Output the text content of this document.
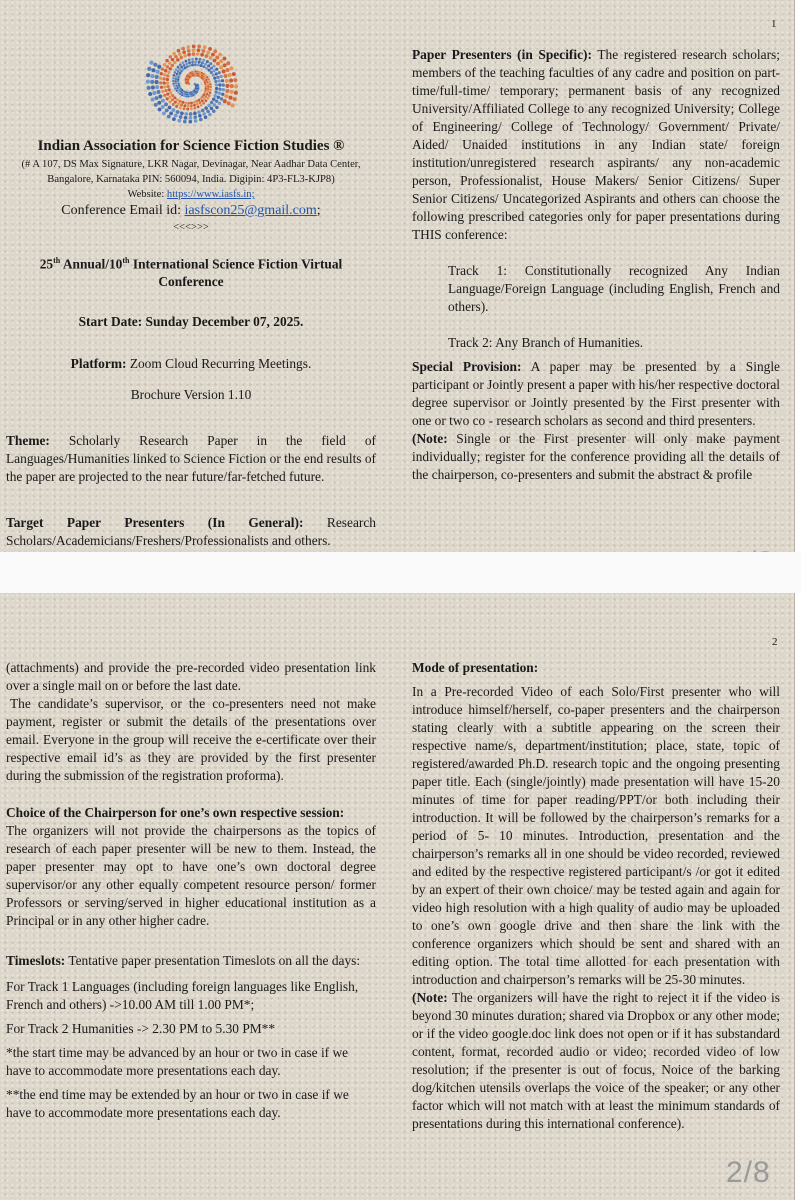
1

Indian Association for Science Fiction Studies ®

(# A 107, DS Max Signature, LKR Nagar, Devinagar, Near Aadhar Data Center, Bangalore, Karnataka PIN: 560094, India. Digipin: 4P3-FL3-KJP8)

Website: https://www.iasfs.in;

Conference Email id: iasfscon25@gmail.com;

<<<>>>

25th Annual/10th International Science Fiction Virtual Conference

Start Date: Sunday December 07, 2025.

Platform: Zoom Cloud Recurring Meetings.

Brochure Version 1.10

Theme: Scholarly Research Paper in the field of Languages/Humanities linked to Science Fiction or the end results of the paper are projected to the near future/far-fetched future.

Target Paper Presenters (In General): Research Scholars/Academicians/Freshers/Professionalists and others.

Paper Presenters (in Specific): The registered research scholars; members of the teaching faculties of any cadre and position on part-time/full-time/ temporary; permanent basis of any recognized University/Affiliated College to any recognized University; College of Engineering/ College of Technology/ Government/ Private/ Aided/ Unaided institutions in any Indian state/ foreign institution/unregistered research aspirants/ any non-academic person, Professionalist, House Makers/ Senior Citizens/ Super Senior Citizens/ Uncategorized Aspirants and others can choose the following prescribed categories only for paper presentations during THIS conference:

Track 1: Constitutionally recognized Any Indian Language/Foreign Language (including English, French and others).

Track 2: Any Branch of Humanities.

Special Provision: A paper may be presented by a Single participant or Jointly present a paper with his/her respective doctoral degree supervisor or Jointly presented by the First presenter with one or two co - research scholars as second and third presenters.

(Note: Single or the First presenter will only make payment individually; register for the conference providing all the details of the chairperson, co-presenters and submit the abstract & profile

2

(attachments) and provide the pre-recorded video presentation link over a single mail on or before the last date.

The candidate’s supervisor, or the co-presenters need not make payment, register or submit the details of the presentations over email. Everyone in the group will receive the e-certificate over their respective email id’s as they are provided by the first presenter during the submission of the registration proforma).

Choice of the Chairperson for one’s own respective session:

The organizers will not provide the chairpersons as the topics of research of each paper presenter will be new to them. Instead, the paper presenter may opt to have one’s own doctoral degree supervisor/or any other equally competent resource person/ former Professors or serving/served in higher educational institution as a Principal or in any other higher cadre.

Timeslots: Tentative paper presentation Timeslots on all the days:

For Track 1 Languages (including foreign languages like English, French and others) ->10.00 AM till 1.00 PM*;

For Track 2 Humanities -> 2.30 PM to 5.30 PM**

*the start time may be advanced by an hour or two in case if we have to accommodate more presentations each day.

**the end time may be extended by an hour or two in case if we have to accommodate more presentations each day.

Mode of presentation:

In a Pre-recorded Video of each Solo/First presenter who will introduce himself/herself, co-paper presenters and the chairperson stating clearly with a subtitle appearing on the screen their respective name/s, department/institution; place, state, topic of registered/awarded Ph.D. research topic and the ongoing presenting paper title. Each (single/jointly) made presentation will have 15-20 minutes of time for paper reading/PPT/or both including their introduction. It will be followed by the chairperson’s remarks for a period of 5- 10 minutes. Introduction, presentation and the chairperson’s remarks all in one should be video recorded, reviewed and edited by the respective registered participant/s /or got it edited by an expert of their own choice/ may be tested again and again for video high resolution with a high quality of audio may be uploaded to one’s own google drive and then share the link with the conference organizers which should be sent and shared with an editing option. The total time allotted for each presentation with introduction and chairperson’s remarks will be 25-30 minutes.

(Note: The organizers will have the right to reject it if the video is beyond 30 minutes duration; shared via Dropbox or any other mode; or if the video google.doc link does not open or if it has substandard content, format, recorded audio or video; recorded video of low resolution; if the presenter is out of focus, Noice of the barking dog/kitchen utensils overlaps the voice of the speaker; or any other factor which will not match with at least the minimum standards of presentations during this international conference).

2/8
